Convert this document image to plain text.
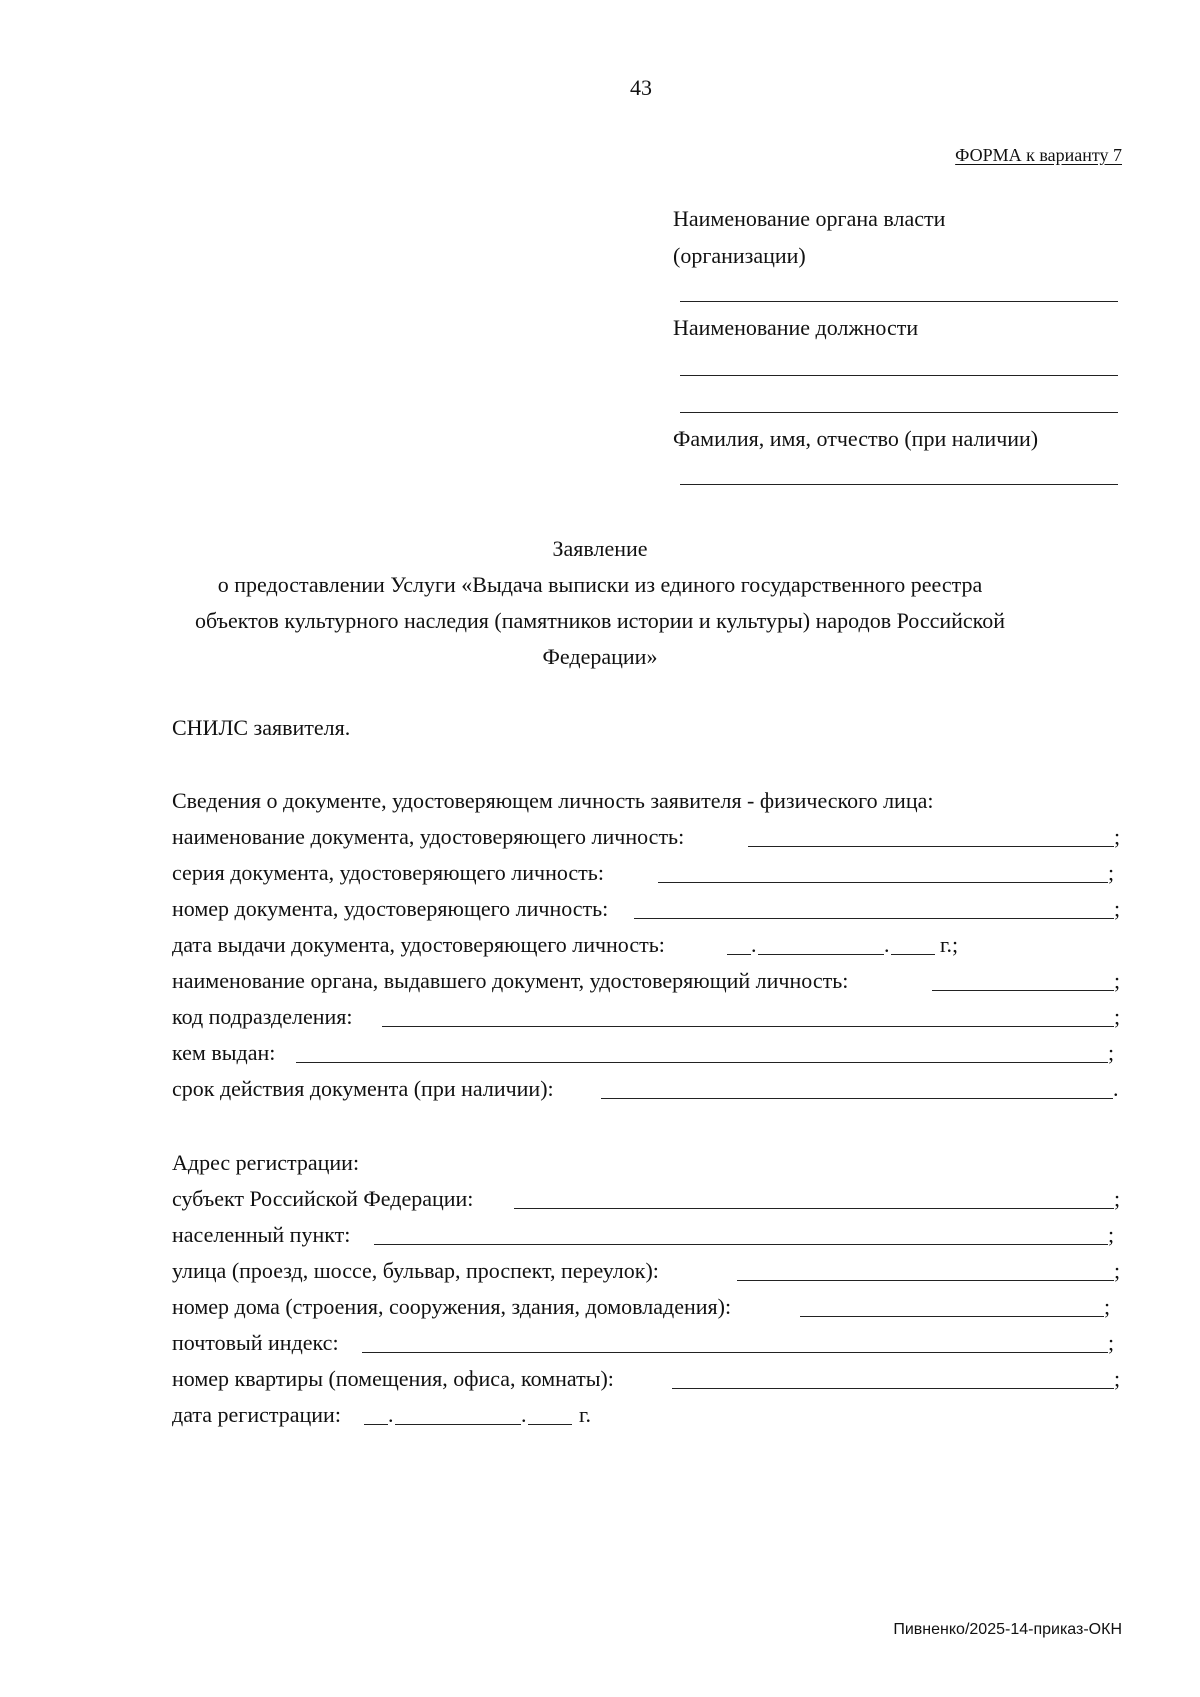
43
ФОРМА к варианту 7
Наименование органа власти
(организации)
Наименование должности
Фамилия, имя, отчество (при наличии)
Заявление
о предоставлении Услуги «Выдача выписки из единого государственного реестра
объектов культурного наследия (памятников истории и культуры) народов Российской
Федерации»
СНИЛС заявителя.
Сведения о документе, удостоверяющем личность заявителя - физического лица:
наименование документа, удостоверяющего личность:	;
серия документа, удостоверяющего личность:	;
номер документа, удостоверяющего личность:	;
дата выдачи документа, удостоверяющего личность:	.	. г.;
наименование органа, выдавшего документ, удостоверяющий личность:	;
код подразделения:	;
кем выдан:	;
срок действия документа (при наличии):	.
Адрес регистрации:
субъект Российской Федерации:	;
населенный пункт:	;
улица (проезд, шоссе, бульвар, проспект, переулок):	;
номер дома (строения, сооружения, здания, домовладения):	;
почтовый индекс:	;
номер квартиры (помещения, офиса, комнаты):	;
дата регистрации: .	. г.
Пивненко/2025-14-приказ-ОКН
